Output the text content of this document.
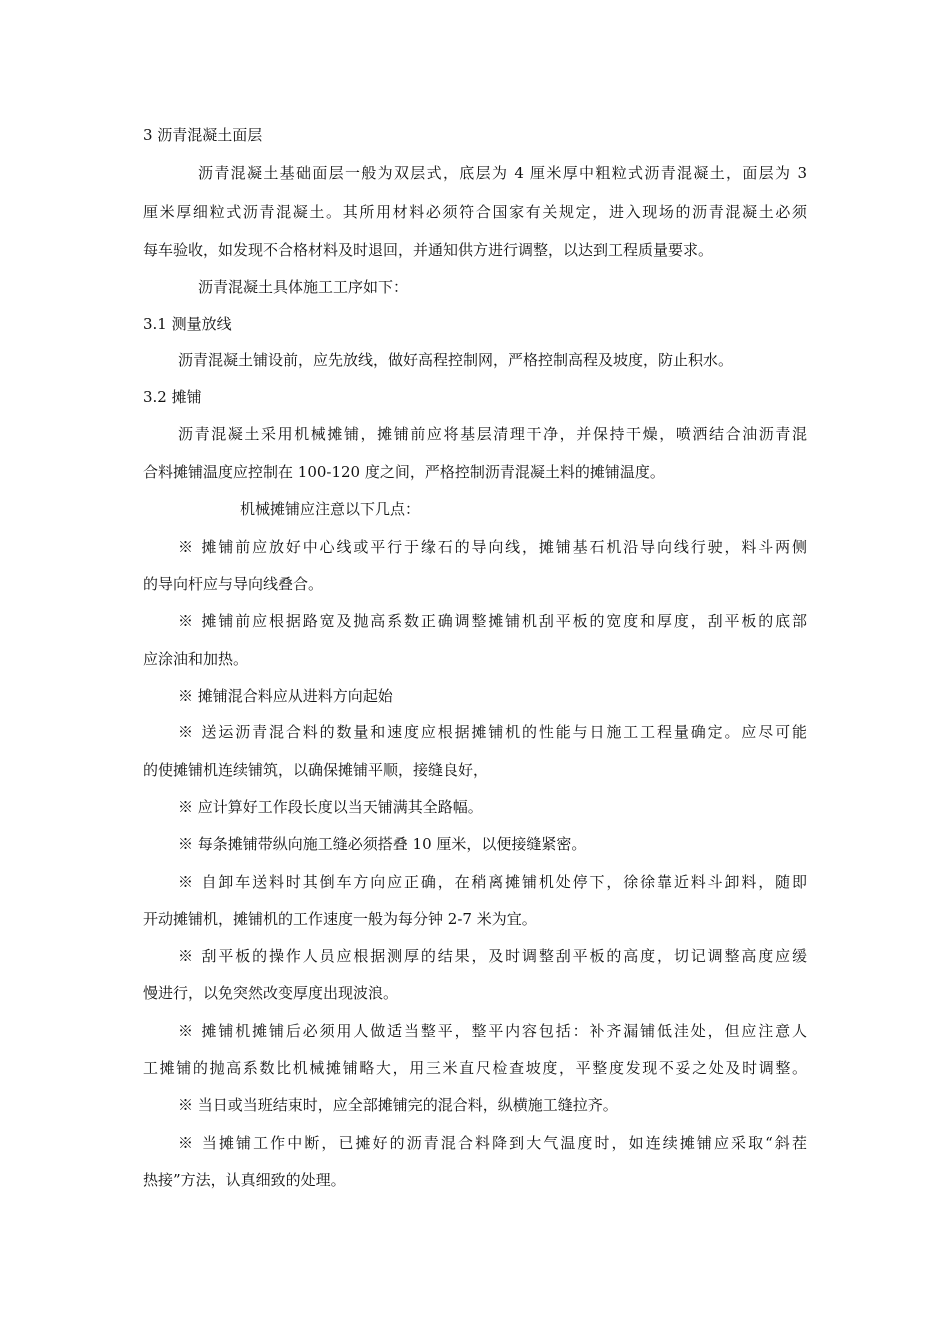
3 沥青混凝土面层
沥青混凝土基础面层一般为双层式，底层为 4 厘米厚中粗粒式沥青混凝土，面层为 3
厘米厚细粒式沥青混凝土。其所用材料必须符合国家有关规定，进入现场的沥青混凝土必须
每车验收，如发现不合格材料及时退回，并通知供方进行调整，以达到工程质量要求。
沥青混凝土具体施工工序如下：
3.1 测量放线
沥青混凝土铺设前，应先放线，做好高程控制网，严格控制高程及坡度，防止积水。
3.2 摊铺
沥青混凝土采用机械摊铺，摊铺前应将基层清理干净，并保持干燥，喷洒结合油沥青混
合料摊铺温度应控制在 100-120 度之间，严格控制沥青混凝土料的摊铺温度。
机械摊铺应注意以下几点：
※ 摊铺前应放好中心线或平行于缘石的导向线，摊铺基石机沿导向线行驶，料斗两侧
的导向杆应与导向线叠合。
※ 摊铺前应根据路宽及抛高系数正确调整摊铺机刮平板的宽度和厚度，刮平板的底部
应涂油和加热。
※ 摊铺混合料应从进料方向起始
※ 送运沥青混合料的数量和速度应根据摊铺机的性能与日施工工程量确定。应尽可能
的使摊铺机连续铺筑，以确保摊铺平顺，接缝良好，
※ 应计算好工作段长度以当天铺满其全路幅。
※ 每条摊铺带纵向施工缝必须搭叠 10 厘米，以便接缝紧密。
※ 自卸车送料时其倒车方向应正确，在稍离摊铺机处停下，徐徐靠近料斗卸料，随即
开动摊铺机，摊铺机的工作速度一般为每分钟 2-7 米为宜。
※ 刮平板的操作人员应根据测厚的结果，及时调整刮平板的高度，切记调整高度应缓
慢进行，以免突然改变厚度出现波浪。
※ 摊铺机摊铺后必须用人做适当整平，整平内容包括：补齐漏铺低洼处，但应注意人
工摊铺的抛高系数比机械摊铺略大，用三米直尺检查坡度，平整度发现不妥之处及时调整。
※ 当日或当班结束时，应全部摊铺完的混合料，纵横施工缝拉齐。
※ 当摊铺工作中断，已摊好的沥青混合料降到大气温度时，如连续摊铺应采取“斜茬
热接”方法，认真细致的处理。
